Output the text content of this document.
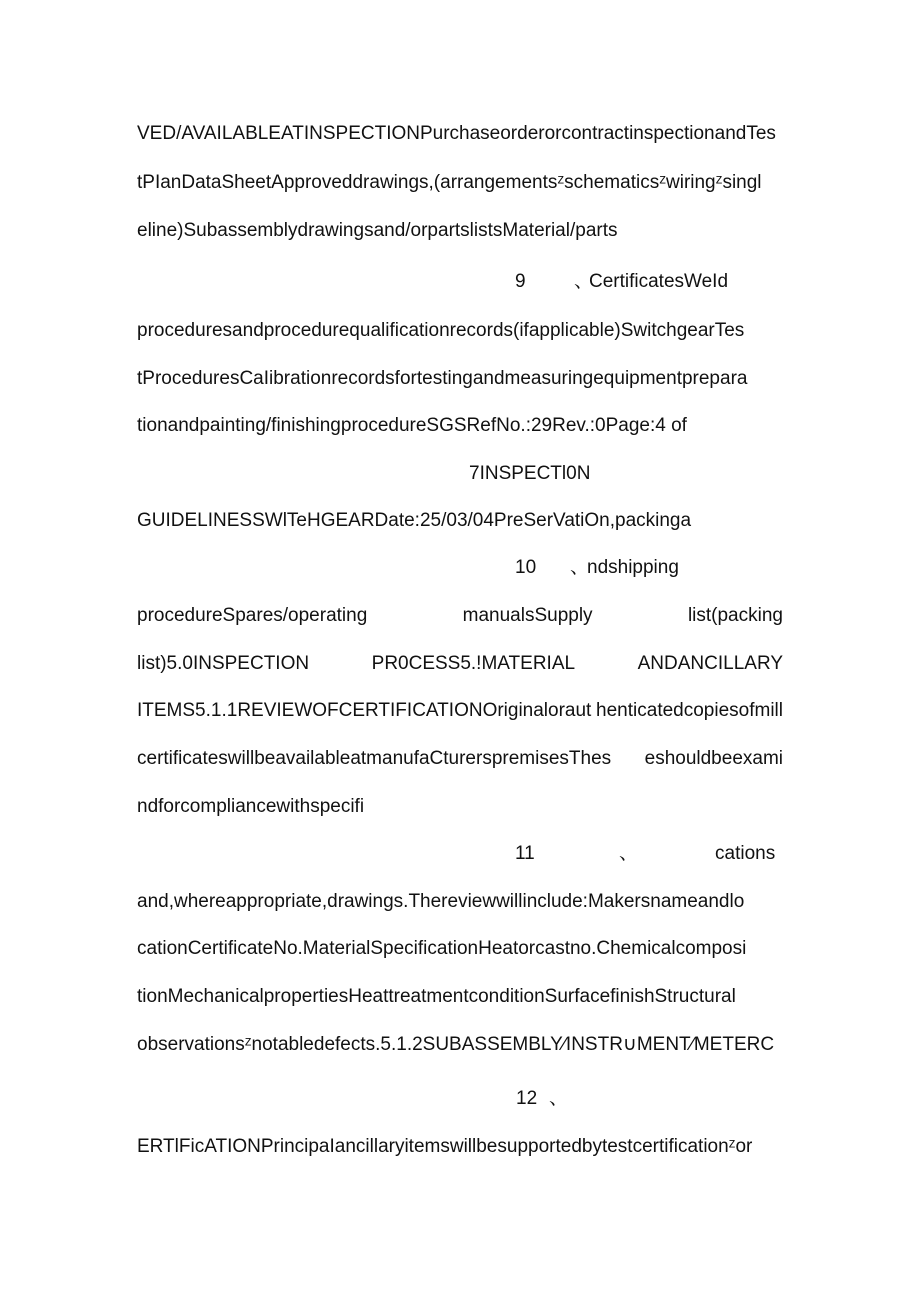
VED/AVAILABLEATINSPECTIONPurchaseorderorcontractinspectionandTes
tPIanDataSheetApproveddrawings,(arrangementsᶻschematicsᶻwiringᶻsingl
eline)Subassemblydrawingsand/orpartslistsMaterial/parts
9	、
CertificatesWeId
proceduresandprocedurequalificationrecords(ifapplicable)SwitchgearTes
tProceduresCaIibrationrecordsfortestingandmeasuringequipmentprepara
tionandpainting/finishingprocedureSGSRefNo.:29Rev.:0Page:4 of
7INSPECTl0N
GUIDELINESSWlTeHGEARDate:25/03/04PreSerVatiOn,packinga
10 、
ndshipping
procedureSpares/operating	manualsSupply	list(packing
list)5.0INSPECTION	PR0CESS5.!MATERIAL	ANDANCILLARY
ITEMS5.1.1REVIEWOFCERTIFICATIONOriginaloraut henticatedcopiesofmill
certificateswillbeavailableatmanufaCturerspremisesThes eshouldbeexami
ndforcompliancewithspecifi
11	、	cations
and,whereappropriate,drawings.Thereviewwillinclude:Makersnameandlo
cationCertificateNo.MaterialSpecificationHeatorcastno.Chemicalcomposi
tionMechanicalpropertiesHeattreatmentconditionSurfacefinishStructural
observationsᶻnotabledefects.5.1.2SUBASSEMBLY∕INSTR∪MENT∕METERC
12 、
ERTlFicATIONPrincipaIancillaryitemswillbesupportedbytestcertificationᶻor
